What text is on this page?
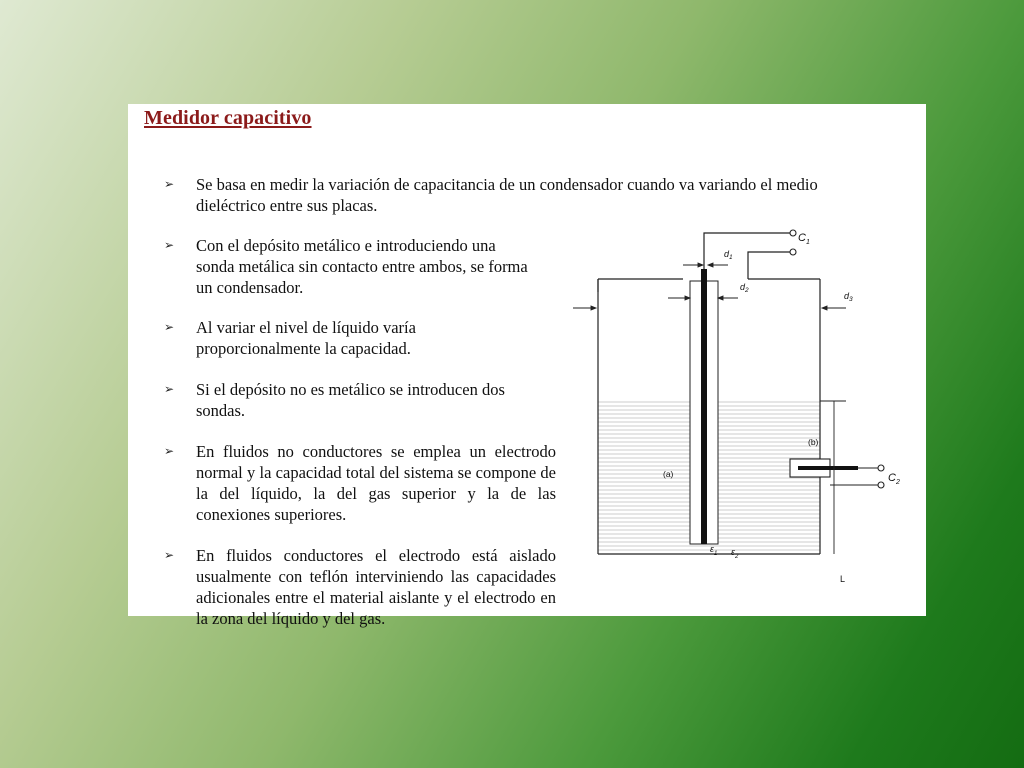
Medidor capacitivo
➢	Se basa en medir la variación de capacitancia de un condensador cuando va variando el medio dieléctrico entre sus placas.

➢	Con el depósito metálico e introduciendo una sonda metálica sin contacto entre ambos, se forma un condensador.

➢	Al variar el nivel de líquido varía proporcionalmente la capacidad.

➢	Si el depósito no es metálico se introducen dos sondas.

➢	En fluidos no conductores se emplea un electrodo normal y la capacidad total del sistema se compone de la del líquido, la del gas superior y la de las conexiones superiores.

➢	En fluidos conductores el electrodo está aislado usualmente con teflón interviniendo las capacidades adicionales entre el material aislante y el electrodo en la zona del líquido y del gas.

$C_1$
$d_1$
$d_2$
$d_3$
(a)
(b)
$C_2$
$\varepsilon_1$ $\varepsilon_2$
L
